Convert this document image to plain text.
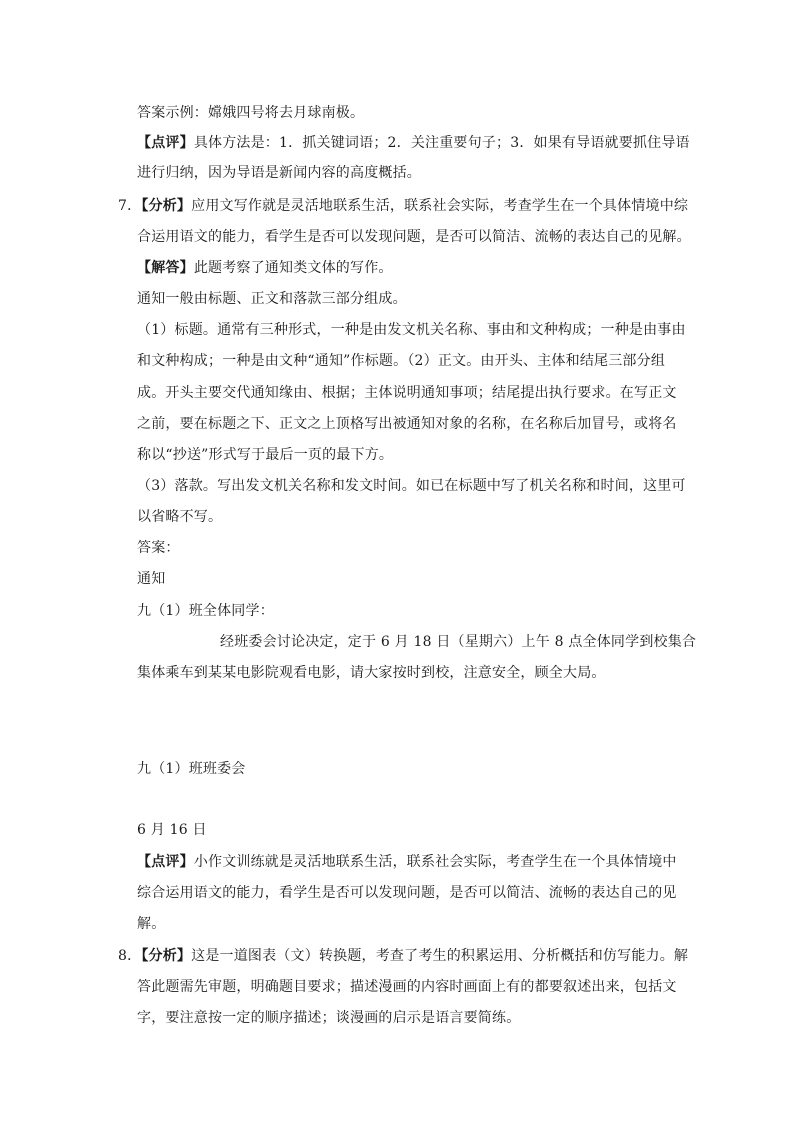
答案示例：嫦娥四号将去月球南极。
【点评】具体方法是：1．抓关键词语；2．关注重要句子；3．如果有导语就要抓住导语
进行归纳，因为导语是新闻内容的高度概括。
7．【分析】应用文写作就是灵活地联系生活，联系社会实际，考查学生在一个具体情境中综
合运用语文的能力，看学生是否可以发现问题，是否可以简洁、流畅的表达自己的见解。
【解答】此题考察了通知类文体的写作。
通知一般由标题、正文和落款三部分组成。
（1）标题。通常有三种形式，一种是由发文机关名称、事由和文种构成；一种是由事由
和文种构成；一种是由文种“通知”作标题。（2）正文。由开头、主体和结尾三部分组
成。开头主要交代通知缘由、根据；主体说明通知事项；结尾提出执行要求。在写正文
之前，要在标题之下、正文之上顶格写出被通知对象的名称，在名称后加冒号，或将名
称以“抄送”形式写于最后一页的最下方。
（3）落款。写出发文机关名称和发文时间。如已在标题中写了机关名称和时间，这里可
以省略不写。
答案：
通知
九（1）班全体同学：
经班委会讨论决定，定于 6 月 18 日（星期六）上午 8 点全体同学到校集合
集体乘车到某某电影院观看电影，请大家按时到校，注意安全，顾全大局。
九（1）班班委会
6 月 16 日
【点评】小作文训练就是灵活地联系生活，联系社会实际，考查学生在一个具体情境中
综合运用语文的能力，看学生是否可以发现问题，是否可以简洁、流畅的表达自己的见
解。
8．【分析】这是一道图表（文）转换题，考查了考生的积累运用、分析概括和仿写能力。解
答此题需先审题，明确题目要求；描述漫画的内容时画面上有的都要叙述出来，包括文
字，要注意按一定的顺序描述；谈漫画的启示是语言要简练。
